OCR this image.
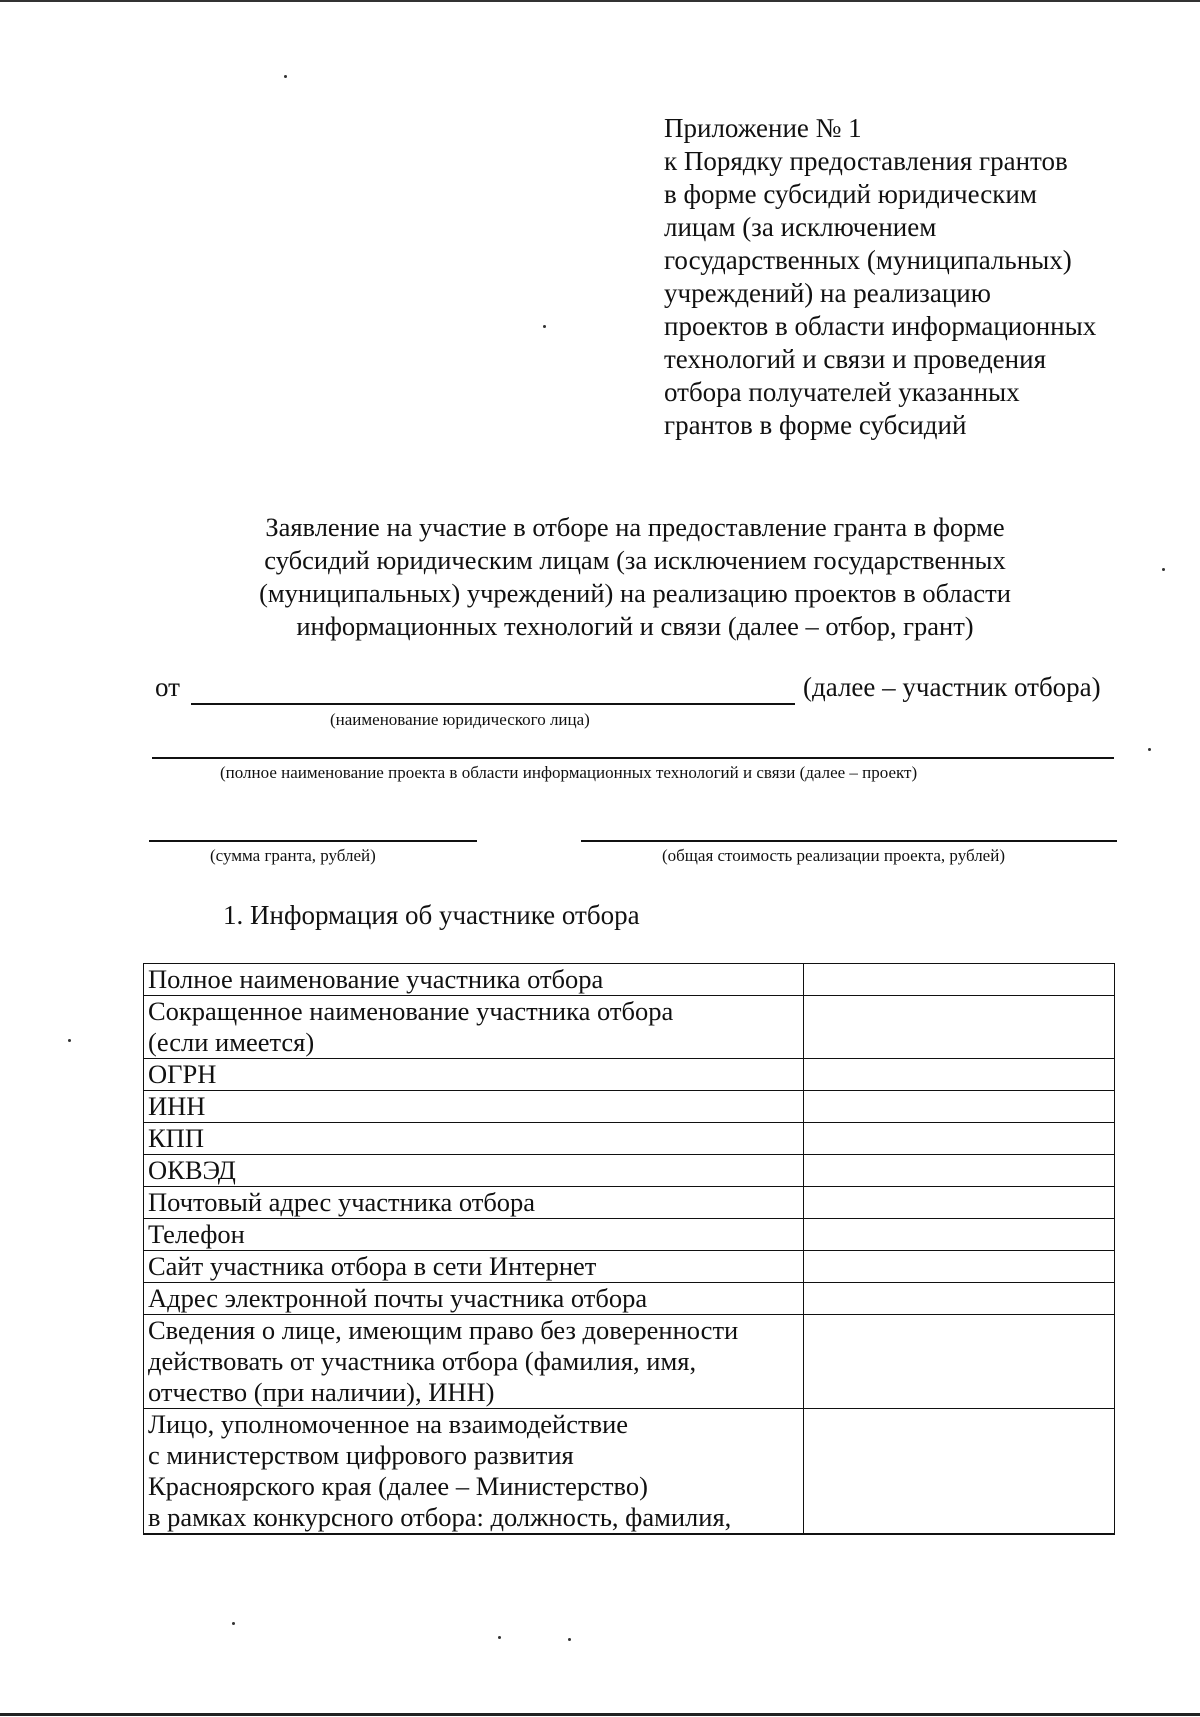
Приложение № 1
к Порядку предоставления грантов
в форме субсидий юридическим
лицам (за исключением
государственных (муниципальных)
учреждений) на реализацию
проектов в области информационных
технологий и связи и проведения
отбора получателей указанных
грантов в форме субсидий
Заявление на участие в отборе на предоставление гранта в форме
субсидий юридическим лицам (за исключением государственных
(муниципальных) учреждений) на реализацию проектов в области
информационных технологий и связи (далее – отбор, грант)
от	(далее – участник отбора)
(наименование юридического лица)
(полное наименование проекта в области информационных технологий и связи (далее – проект)
(сумма гранта, рублей)	(общая стоимость реализации проекта, рублей)
1. Информация об участнике отбора
Полное наименование участника отбора	

Сокращенное наименование участника отбора
(если имеется)	

ОГРН	

ИНН	

КПП	

ОКВЭД	

Почтовый адрес участника отбора	

Телефон	

Сайт участника отбора в сети Интернет	

Адрес электронной почты участника отбора	

Сведения о лице, имеющим право без доверенности
действовать от участника отбора (фамилия, имя,
отчество (при наличии), ИНН)	

Лицо, уполномоченное на взаимодействие
с министерством цифрового развития
Красноярского края (далее – Министерство)
в рамках конкурсного отбора: должность, фамилия,	
